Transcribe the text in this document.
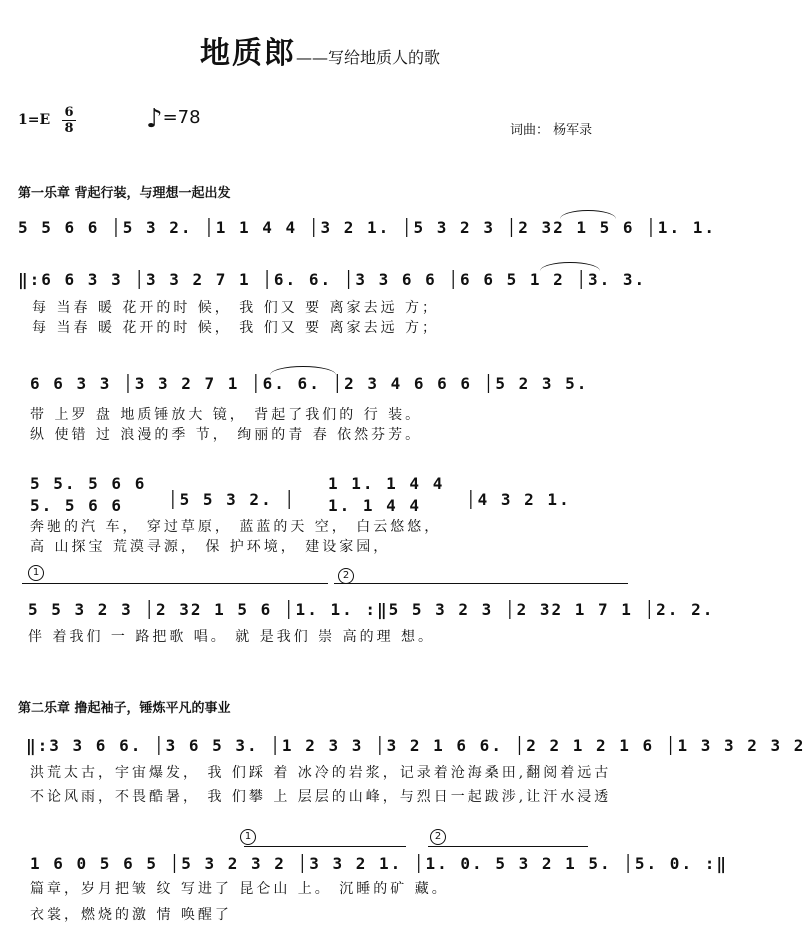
地质郎——写给地质人的歌
1=E 6
8	♪=78
词曲： 杨军录
第一乐章 背起行装，与理想一起出发
5 5 6 6 │5 3 2. │1 1 4 4 │3 2 1. │5 3 2 3 │2 32 1 5 6 │1. 1.
‖:6 6 3 3 │3 3 2 7 1 │6. 6. │3 3 6 6 │6 6 5 1 2 │3. 3.
每 当春 暖 花开的时 候， 我 们又 要 离家去远 方；
每 当春 暖 花开的时 候， 我 们又 要 离家去远 方；
6 6 3 3 │3 3 2 7 1 │6. 6. │2 3 4 6 6 6 │5 2 3 5.
带 上罗 盘 地质锤放大 镜， 背起了我们的 行 装。
纵 使错 过 浪漫的季 节， 绚丽的青 春 依然芬芳。
5 5. 5 6 6
5. 5 6 6	│5 5 3 2. │
1 1. 1 4 4
1. 1 4 4	│4 3 2 1.
奔驰的汽 车， 穿过草原， 蓝蓝的天 空， 白云悠悠，
高 山探宝 荒漠寻源， 保 护环境， 建设家园，
1	2
5 5 3 2 3 │2 32 1 5 6 │1. 1. :‖5 5 3 2 3 │2 32 1 7 1 │2. 2.
伴 着我们 一 路把歌 唱。 就 是我们 崇 高的理 想。
第二乐章 撸起袖子，锤炼平凡的事业
‖:3 3 6 6. │3 6 5 3. │1 2 3 3 │3 2 1 6 6. │2 2 1 2 1 6 │1 3 3 2 3 2
洪荒太古，宇宙爆发， 我 们踩 着 冰冷的岩浆，记录着沧海桑田,翻阅着远古
不论风雨，不畏酷暑， 我 们攀 上 层层的山峰，与烈日一起跋涉,让汗水浸透
1	2
1 6 0 5 6 5 │5 3 2 3 2 │3 3 2 1. │1. 0. 5 3 2 1 5. │5. 0. :‖
篇章，岁月把皱 纹 写进了 昆仑山 上。 沉睡的矿 藏。
衣裳，燃烧的激 情 唤醒了
